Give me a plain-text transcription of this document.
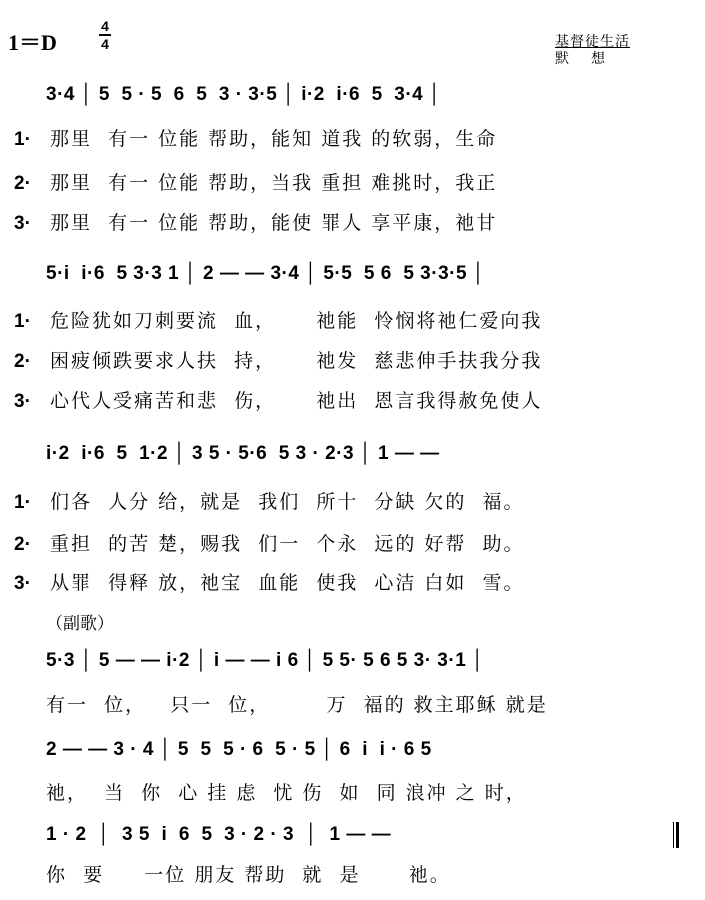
1＝D
4
4	基督徒生活
默想
3·4 │ 5  5 · 5  6  5  3 · 3·5 │ i·2  i·6  5  3·4 │
1· 那里  有一 位能 帮助，能知 道我 的软弱，生命
2· 那里  有一 位能 帮助，当我 重担 难挑时，我正
3· 那里  有一 位能 帮助，能使 罪人 享平康，祂甘
5·i  i·6  5 3·3 1 │ 2 — — 3·4 │ 5·5  5 6  5 3·3·5 │
1· 危险犹如刀刺要流  血，     祂能  怜悯将祂仁爱向我
2· 困疲倾跌要求人扶  持，     祂发  慈悲伸手扶我分我
3· 心代人受痛苦和悲  伤，     祂出  恩言我得赦免使人
i·2  i·6  5  1·2 │ 3 5 · 5·6  5 3 · 2·3 │ 1 — —
1· 们各  人分 给，就是  我们  所十  分缺 欠的  福。
2· 重担  的苦 楚，赐我  们一  个永  远的 好帮  助。
3· 从罪  得释 放，祂宝  血能  使我  心洁 白如  雪。
（副歌）
5·3 │ 5 — — i·2 │ i — — i 6 │ 5 5· 5 6 5 3· 3·1 │
有一  位，   只一  位，       万  福的 救主耶稣 就是
2 — — 3 · 4 │ 5  5  5 · 6  5 · 5 │ 6  i  i · 6 5
祂，  当  你  心 挂 虑  忧 伤  如  同 浪冲 之 时，
1 · 2  │  3 5  i  6  5  3 · 2 · 3  │  1 — —
你  要     一位 朋友 帮助  就  是      祂。
